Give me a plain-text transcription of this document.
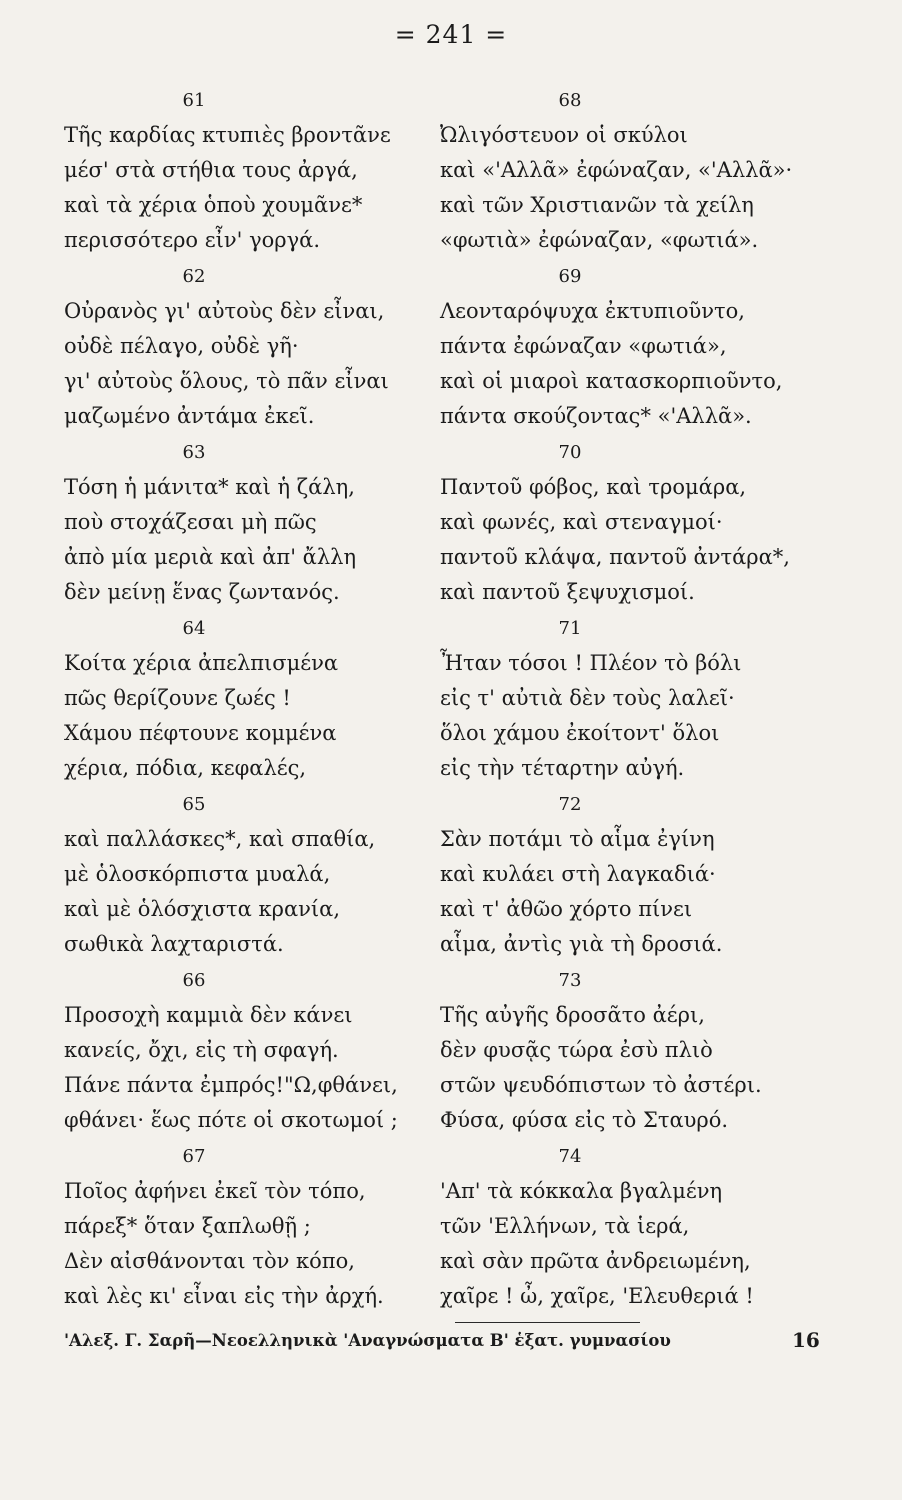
= 241 =
61
Τῆς καρδίας κτυπιὲς βροντᾶνε
μέσ' στὰ στήθια τους ἀργά,
καὶ τὰ χέρια ὁποὺ χουμᾶνε*
περισσότερο εἶν' γοργά.
62
Οὐρανὸς γι' αὐτοὺς δὲν εἶναι,
οὐδὲ πέλαγο, οὐδὲ γῆ·
γι' αὐτοὺς ὅλους, τὸ πᾶν εἶναι
μαζωμένο ἀντάμα ἐκεῖ.
63
Τόση ἡ μάνιτα* καὶ ἡ ζάλη,
ποὺ στοχάζεσαι μὴ πῶς
ἀπὸ μία μεριὰ καὶ ἀπ' ἄλλη
δὲν μείνῃ ἕνας ζωντανός.
64
Κοίτα χέρια ἀπελπισμένα
πῶς θερίζουνε ζωές !
Χάμου πέφτουνε κομμένα
χέρια, πόδια, κεφαλές,
65
καὶ παλλάσκες*, καὶ σπαθία,
μὲ ὁλοσκόρπιστα μυαλά,
καὶ μὲ ὁλόσχιστα κρανία,
σωθικὰ λαχταριστά.
66
Προσοχὴ καμμιὰ δὲν κάνει
κανείς, ὄχι, εἰς τὴ σφαγή.
Πάνε πάντα ἐμπρός!"Ω,φθάνει,
φθάνει· ἕως πότε οἱ σκοτωμοί ;
67
Ποῖος ἀφήνει ἐκεῖ τὸν τόπο,
πάρεξ* ὅταν ξαπλωθῇ ;
Δὲν αἰσθάνονται τὸν κόπο,
καὶ λὲς κι' εἶναι εἰς τὴν ἀρχή.
68
Ὠλιγόστευον οἱ σκύλοι
καὶ «'Αλλᾶ» ἐφώναζαν, «'Αλλᾶ»·
καὶ τῶν Χριστιανῶν τὰ χείλη
«φωτιὰ» ἐφώναζαν, «φωτιά».
69
Λεονταρόψυχα ἐκτυπιοῦντο,
πάντα ἐφώναζαν «φωτιά»,
καὶ οἱ μιαροὶ κατασκορπιοῦντο,
πάντα σκούζοντας* «'Αλλᾶ».
70
Παντοῦ φόβος, καὶ τρομάρα,
καὶ φωνές, καὶ στεναγμοί·
παντοῦ κλάψα, παντοῦ ἀντάρα*,
καὶ παντοῦ ξεψυχισμοί.
71
Ἦταν τόσοι ! Πλέον τὸ βόλι
εἰς τ' αὐτιὰ δὲν τοὺς λαλεῖ·
ὅλοι χάμου ἐκοίτοντ' ὅλοι
εἰς τὴν τέταρτην αὐγή.
72
Σὰν ποτάμι τὸ αἷμα ἐγίνη
καὶ κυλάει στὴ λαγκαδιά·
καὶ τ' ἀθῶο χόρτο πίνει
αἷμα, ἀντὶς γιὰ τὴ δροσιά.
73
Τῆς αὐγῆς δροσᾶτο ἀέρι,
δὲν φυσᾷς τώρα ἐσὺ πλιὸ
στῶν ψευδόπιστων τὸ ἀστέρι.
Φύσα, φύσα εἰς τὸ Σταυρό.
74
'Απ' τὰ κόκκαλα βγαλμένη
τῶν 'Ελλήνων, τὰ ἱερά,
καὶ σὰν πρῶτα ἀνδρειωμένη,
χαῖρε ! ὦ, χαῖρε, 'Ελευθεριά !
'Αλεξ. Γ. Σαρῆ—Νεοελληνικὰ 'Αναγνώσματα Β' ἑξατ. γυμνασίου	16
